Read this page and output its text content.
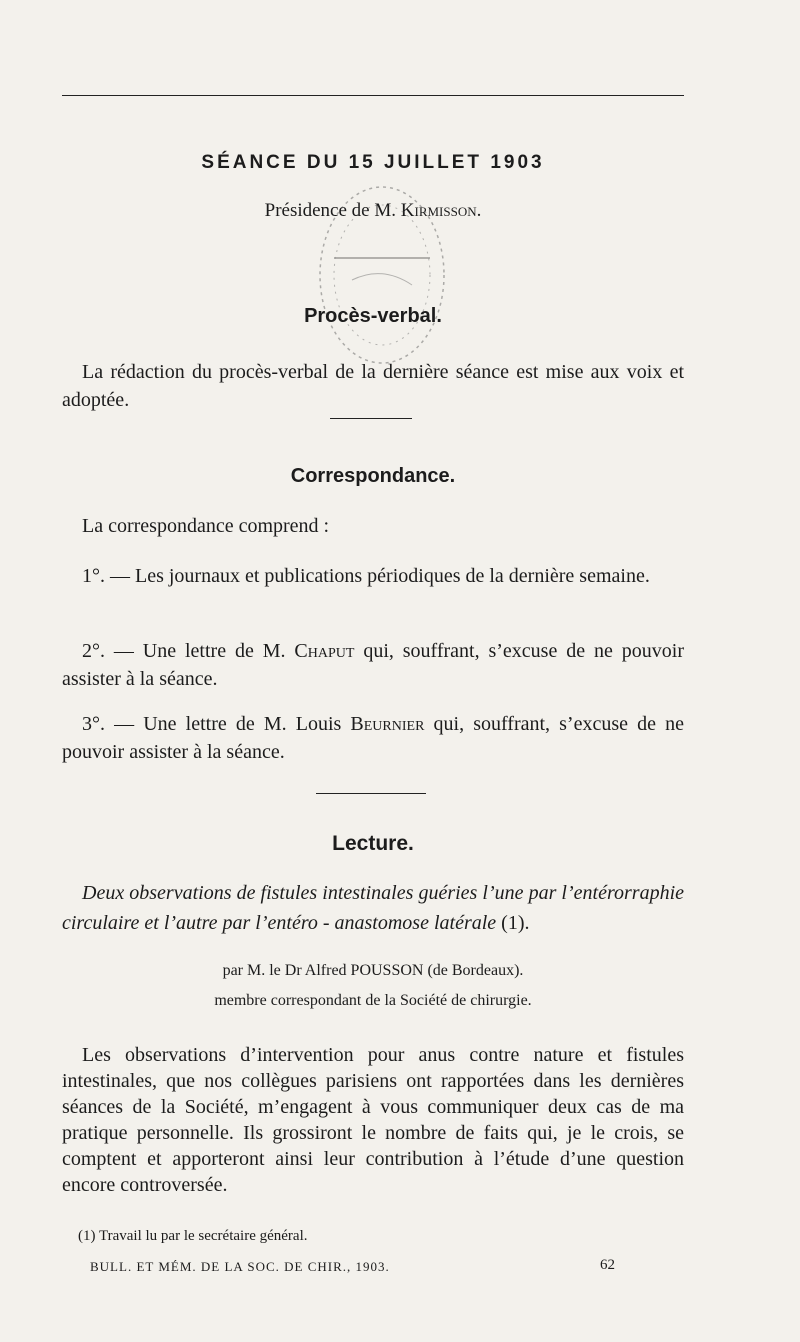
SÉANCE DU 15 JUILLET 1903
Présidence de M. Kirmisson.
Procès-verbal.

La rédaction du procès-verbal de la dernière séance est mise aux voix et adoptée.

Correspondance.

La correspondance comprend :

1°. — Les journaux et publications périodiques de la dernière semaine.

2°. — Une lettre de M. Chaput qui, souffrant, s’excuse de ne pouvoir assister à la séance.

3°. — Une lettre de M. Louis Beurnier qui, souffrant, s’excuse de ne pouvoir assister à la séance.

Lecture.

Deux observations de fistules intestinales guéries l’une par l’entérorraphie circulaire et l’autre par l’entéro - anastomose latérale (1).

par M. le Dr Alfred POUSSON (de Bordeaux).
membre correspondant de la Société de chirurgie.

Les observations d’intervention pour anus contre nature et fistules intestinales, que nos collègues parisiens ont rapportées dans les dernières séances de la Société, m’engagent à vous communiquer deux cas de ma pratique personnelle. Ils grossiront le nombre de faits qui, je le crois, se comptent et apporteront ainsi leur contribution à l’étude d’une question encore controversée.

(1) Travail lu par le secrétaire général.
BULL. ET MÉM. DE LA SOC. DE CHIR., 1903.	62
